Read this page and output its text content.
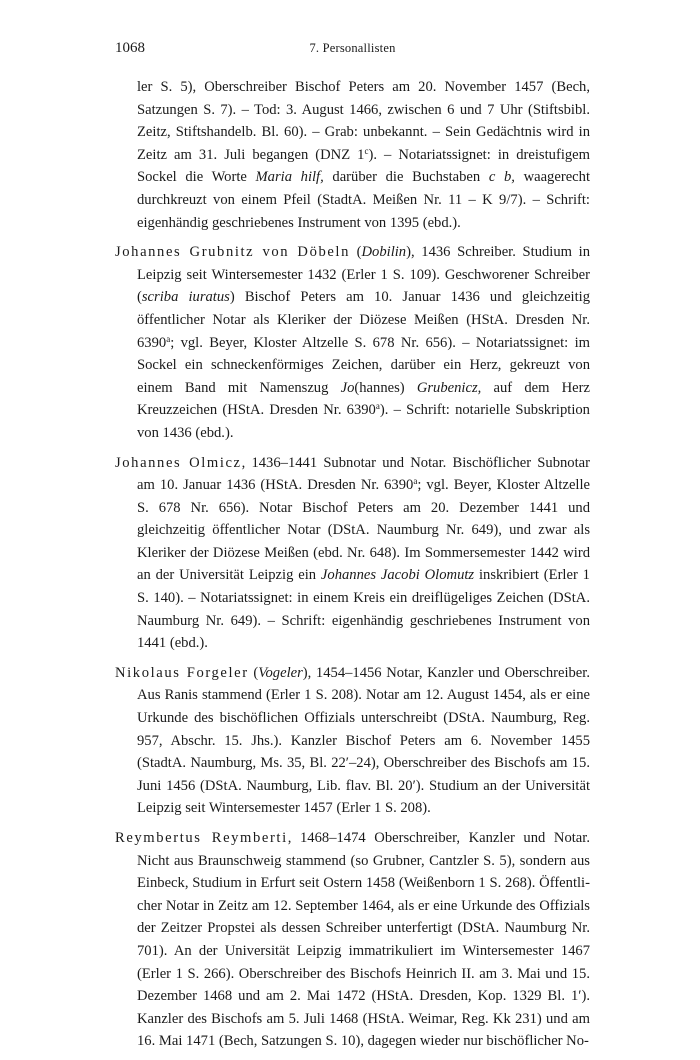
1068	7. Personallisten

ler S. 5), Oberschreiber Bischof Peters am 20. November 1457 (Bech, Satzungen S. 7). – Tod: 3. August 1466, zwischen 6 und 7 Uhr (Stiftsbibl. Zeitz, Stiftshandelb. Bl. 60). – Grab: unbekannt. – Sein Gedächtnis wird in Zeitz am 31. Juli begangen (DNZ 1$^c$). – Notariatssignet: in dreistufigem Sockel die Worte Maria hilf, darüber die Buchstaben c b, waagerecht durchkreuzt von einem Pfeil (StadtA. Meißen Nr. 11 – K 9/7). – Schrift: eigenhändig geschriebenes Instrument von 1395 (ebd.).

Johannes Grubnitz von Döbeln (Dobilin), 1436 Schreiber. Studium in Leipzig seit Wintersemester 1432 (Erler 1 S. 109). Geschworener Schreiber (scriba iuratus) Bischof Peters am 10. Januar 1436 und gleichzeitig öffentlicher Notar als Kleriker der Diözese Meißen (HStA. Dresden Nr. 6390$^a$; vgl. Beyer, Kloster Altzelle S. 678 Nr. 656). – Notariatssignet: im Sockel ein schneckenförmiges Zeichen, darüber ein Herz, gekreuzt von einem Band mit Namenszug Jo(hannes) Grubenicz, auf dem Herz Kreuzzeichen (HStA. Dresden Nr. 6390$^a$). – Schrift: notarielle Subskription von 1436 (ebd.).

Johannes Olmicz, 1436–1441 Subnotar und Notar. Bischöflicher Subnotar am 10. Januar 1436 (HStA. Dresden Nr. 6390$^a$; vgl. Beyer, Kloster Altzelle S. 678 Nr. 656). Notar Bischof Peters am 20. Dezember 1441 und gleichzeitig öffentlicher Notar (DStA. Naumburg Nr. 649), und zwar als Kleriker der Diözese Meißen (ebd. Nr. 648). Im Sommersemester 1442 wird an der Universität Leipzig ein Johannes Jacobi Olomutz inskribiert (Erler 1 S. 140). – Notariatssignet: in einem Kreis ein dreiflügeliges Zeichen (DStA. Naumburg Nr. 649). – Schrift: eigenhändig geschriebenes Instrument von 1441 (ebd.).

Nikolaus Forgeler (Vogeler), 1454–1456 Notar, Kanzler und Oberschreiber. Aus Ranis stammend (Erler 1 S. 208). Notar am 12. August 1454, als er eine Urkunde des bischöflichen Offizials unterschreibt (DStA. Naumburg, Reg. 957, Abschr. 15. Jhs.). Kanzler Bischof Peters am 6. November 1455 (StadtA. Naumburg, Ms. 35, Bl. 22′–24), Oberschreiber des Bischofs am 15. Juni 1456 (DStA. Naumburg, Lib. flav. Bl. 20′). Studium an der Universität Leipzig seit Wintersemester 1457 (Erler 1 S. 208).

Reymbertus Reymberti, 1468–1474 Oberschreiber, Kanzler und Notar. Nicht aus Braunschweig stammend (so Grubner, Cantzler S. 5), sondern aus Einbeck, Studium in Erfurt seit Ostern 1458 (Weißenborn 1 S. 268). Öffentlicher Notar in Zeitz am 12. September 1464, als er eine Urkunde des Offizials der Zeitzer Propstei als dessen Schreiber unterfertigt (DStA. Naumburg Nr. 701). An der Universität Leipzig immatrikuliert im Wintersemester 1467 (Erler 1 S. 266). Oberschreiber des Bischofs Heinrich II. am 3. Mai und 15. Dezember 1468 und am 2. Mai 1472 (HStA. Dresden, Kop. 1329 Bl. 1′). Kanzler des Bischofs am 5. Juli 1468 (HStA. Weimar, Reg. Kk 231) und am 16. Mai 1471 (Bech, Satzungen S. 10), dagegen wieder nur bischöflicher No-
